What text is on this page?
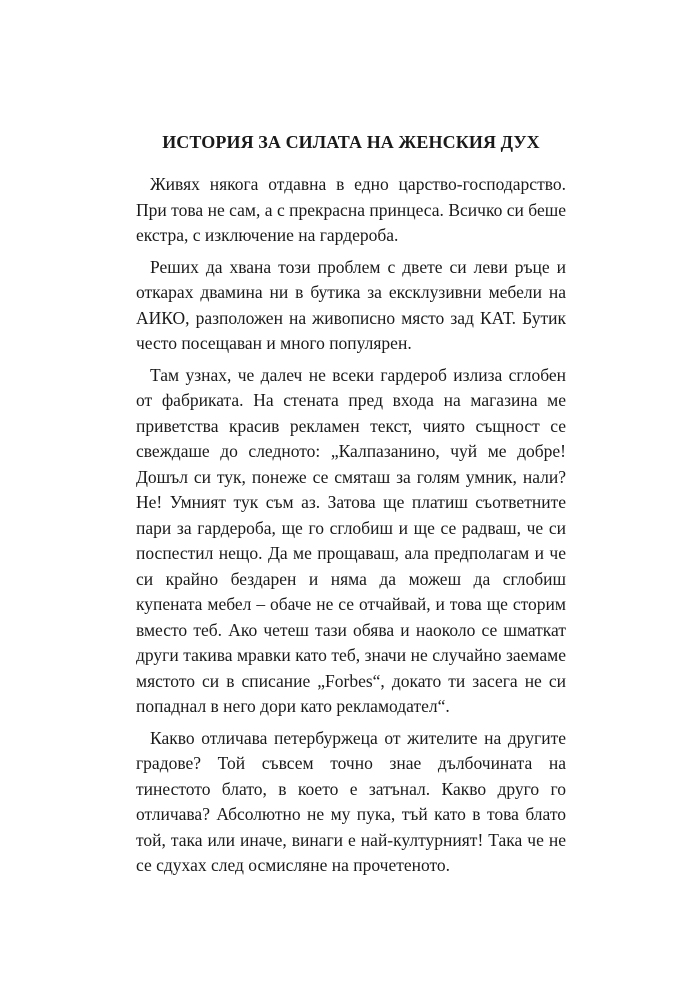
ИСТОРИЯ ЗА СИЛАТА НА ЖЕНСКИЯ ДУХ

Живях някога отдавна в едно царство-господарство. При това не сам, а с прекрасна принцеса. Всичко си беше екстра, с изключение на гардероба.

Реших да хвана този проблем с двете си леви ръце и откарах двамина ни в бутика за ексклузивни мебели на АИКО, разположен на живописно място зад КАТ. Бутик често посещаван и много популярен.

Там узнах, че далеч не всеки гардероб излиза сглобен от фабриката. На стената пред входа на магазина ме приветства красив рекламен текст, чиято същност се свеждаше до следното: „Калпазанино, чуй ме добре! Дошъл си тук, понеже се смяташ за голям умник, нали? Не! Умният тук съм аз. Затова ще платиш съответните пари за гардероба, ще го сглобиш и ще се радваш, че си поспестил нещо. Да ме прощаваш, ала предполагам и че си крайно бездарен и няма да можеш да сглобиш купената мебел – обаче не се отчайвай, и това ще сторим вместо теб. Ако четеш тази обява и наоколо се шматкат други такива мравки като теб, значи не случайно заемаме мястото си в списание „Forbes“, докато ти засега не си попаднал в него дори като рекламодател“.

Какво отличава петербуржеца от жителите на другите градове? Той съвсем точно знае дълбочината на тинестото блато, в което е затънал. Какво друго го отличава? Абсолютно не му пука, тъй като в това блато той, така или иначе, винаги е най-културният! Така че не се сдухах след осмисляне на прочетеното.
